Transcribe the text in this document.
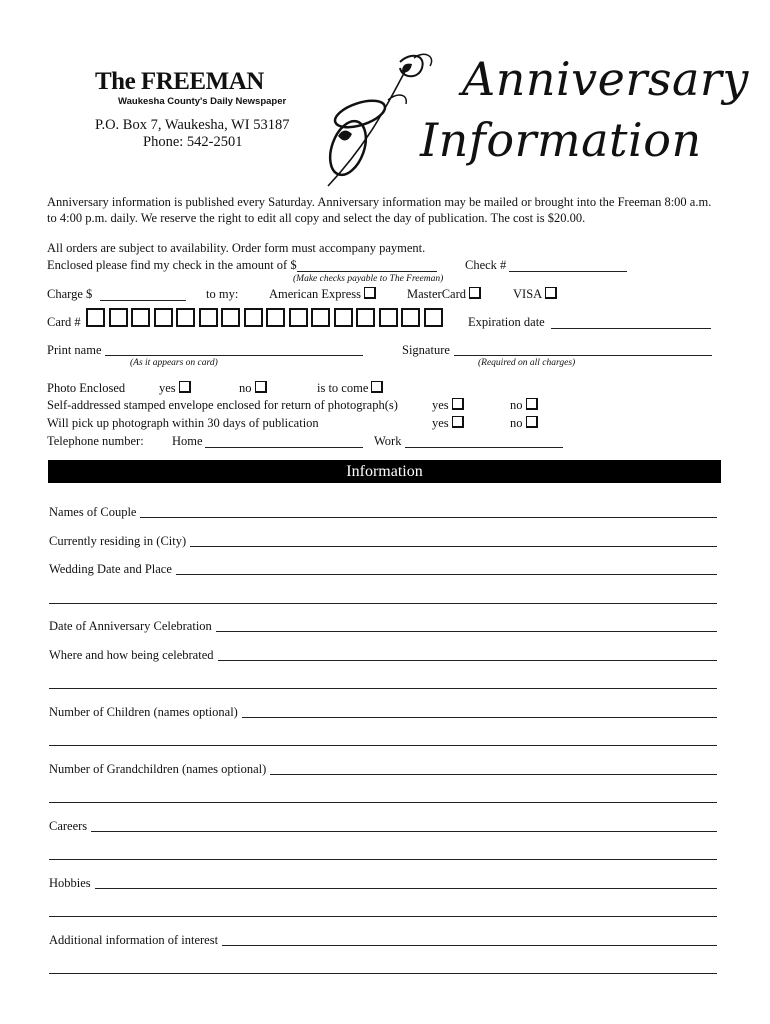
The FREEMAN
Waukesha County's Daily Newspaper
P.O. Box 7, Waukesha, WI 53187
Phone: 542-2501
Anniversary
Information
Anniversary information is published every Saturday. Anniversary information may be mailed or brought into the Freeman 8:00 a.m.
to 4:00 p.m. daily. We reserve the right to edit all copy and select the day of publication. The cost is $20.00.
All orders are subject to availability. Order form must accompany payment.
Enclosed please find my check in the amount of $	Check #
(Make checks payable to The Freeman)
Charge $	to my: American Express	MasterCard	VISA
Card #	Expiration date
Print name
(As it appears on card)
Signature
(Required on all charges)
Photo Enclosed	yes	no	is to come
Self-addressed stamped envelope enclosed for return of photograph(s)	yes	no
Will pick up photograph within 30 days of publication	yes	no
Telephone number: Home	Work
Information
Names of Couple
Currently residing in (City)
Wedding Date and Place
Date of Anniversary Celebration
Where and how being celebrated
Number of Children (names optional)
Number of Grandchildren (names optional)
Careers
Hobbies
Additional information of interest
